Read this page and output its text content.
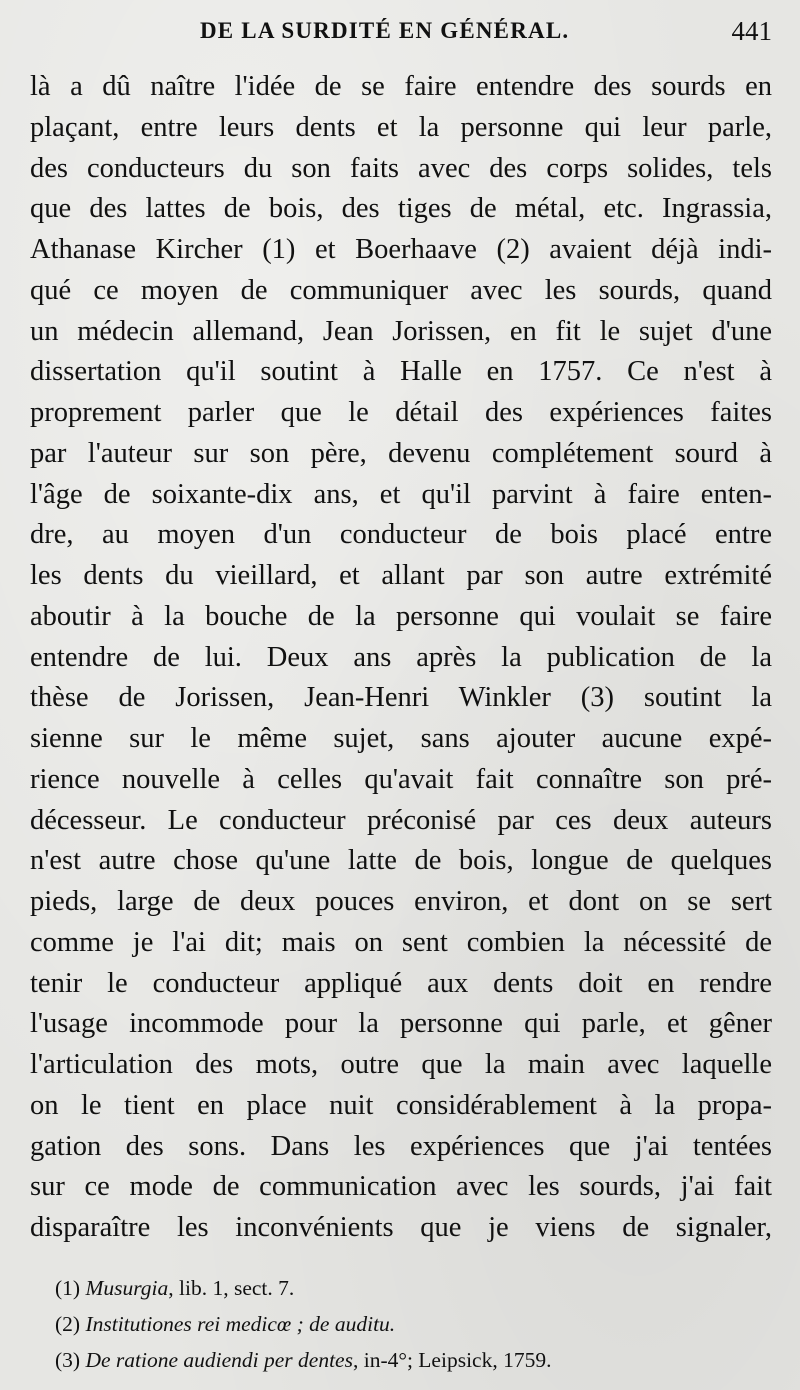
DE LA SURDITÉ EN GÉNÉRAL.	441
là a dû naître l'idée de se faire entendre des sourds en
plaçant, entre leurs dents et la personne qui leur parle,
des conducteurs du son faits avec des corps solides, tels
que des lattes de bois, des tiges de métal, etc. Ingrassia,
Athanase Kircher (1) et Boerhaave (2) avaient déjà indi-
qué ce moyen de communiquer avec les sourds, quand
un médecin allemand, Jean Jorissen, en fit le sujet d'une
dissertation qu'il soutint à Halle en 1757. Ce n'est à
proprement parler que le détail des expériences faites
par l'auteur sur son père, devenu complétement sourd à
l'âge de soixante-dix ans, et qu'il parvint à faire enten-
dre, au moyen d'un conducteur de bois placé entre
les dents du vieillard, et allant par son autre extrémité
aboutir à la bouche de la personne qui voulait se faire
entendre de lui. Deux ans après la publication de la
thèse de Jorissen, Jean-Henri Winkler (3) soutint la
sienne sur le même sujet, sans ajouter aucune expé-
rience nouvelle à celles qu'avait fait connaître son pré-
décesseur. Le conducteur préconisé par ces deux auteurs
n'est autre chose qu'une latte de bois, longue de quelques
pieds, large de deux pouces environ, et dont on se sert
comme je l'ai dit; mais on sent combien la nécessité de
tenir le conducteur appliqué aux dents doit en rendre
l'usage incommode pour la personne qui parle, et gêner
l'articulation des mots, outre que la main avec laquelle
on le tient en place nuit considérablement à la propa-
gation des sons. Dans les expériences que j'ai tentées
sur ce mode de communication avec les sourds, j'ai fait
disparaître les inconvénients que je viens de signaler,
(1) Musurgia, lib. 1, sect. 7.
(2) Institutiones rei medicœ ; de auditu.
(3) De ratione audiendi per dentes, in-4°; Leipsick, 1759.
